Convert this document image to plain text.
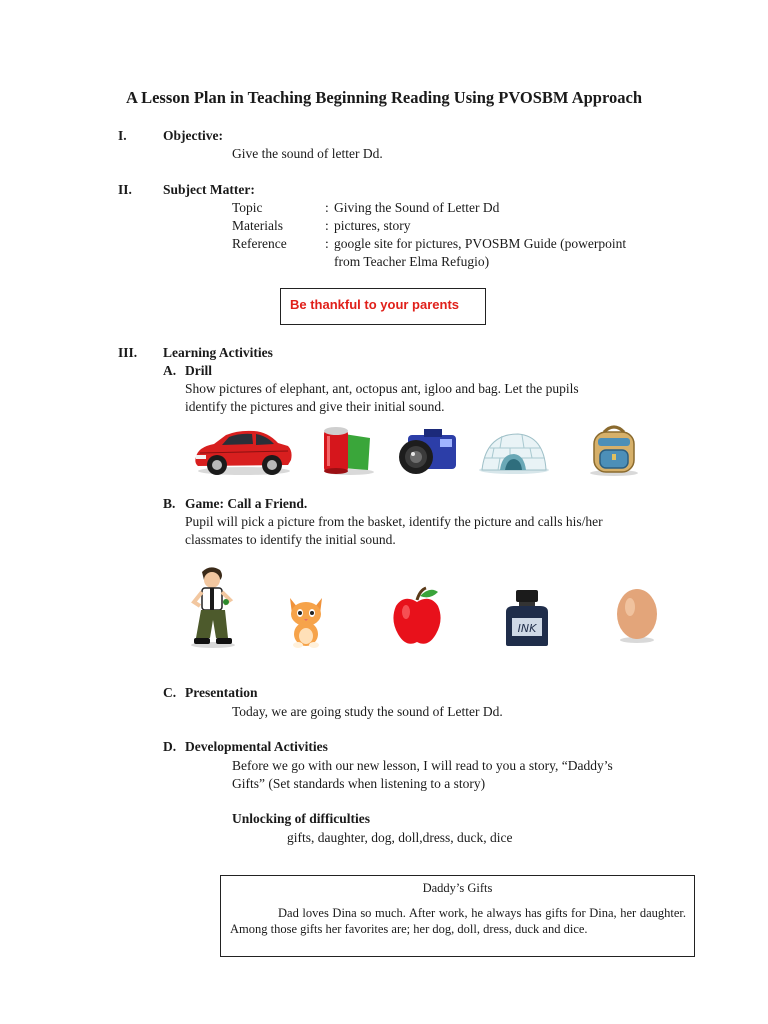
A Lesson Plan in Teaching Beginning Reading Using PVOSBM Approach
I.	Objective:
Give the sound of letter Dd.
II. Subject Matter:
Topic	: Giving the Sound of Letter Dd
Materials	: pictures, story
Reference	: google site for pictures, PVOSBM Guide (powerpoint
from Teacher Elma Refugio)
Be thankful to your parents
III. Learning Activities
A. Drill
Show pictures of elephant, ant, octopus ant, igloo and bag. Let the pupils
identify the pictures and give their initial sound.
B. Game: Call a Friend.
Pupil will pick a picture from the basket, identify the picture and calls his/her
classmates to identify the initial sound.
INK
C. Presentation
Today, we are going study the sound of Letter Dd.
D. Developmental Activities
Before we go with our new lesson, I will read to you a story, “Daddy’s
Gifts” (Set standards when listening to a story)
Unlocking of difficulties
gifts, daughter, dog, doll,dress, duck, dice
Daddy’s Gifts
Dad loves Dina so much. After work, he always has gifts for Dina, her daughter. Among those gifts her favorites are; her dog, doll, dress, duck and dice.
